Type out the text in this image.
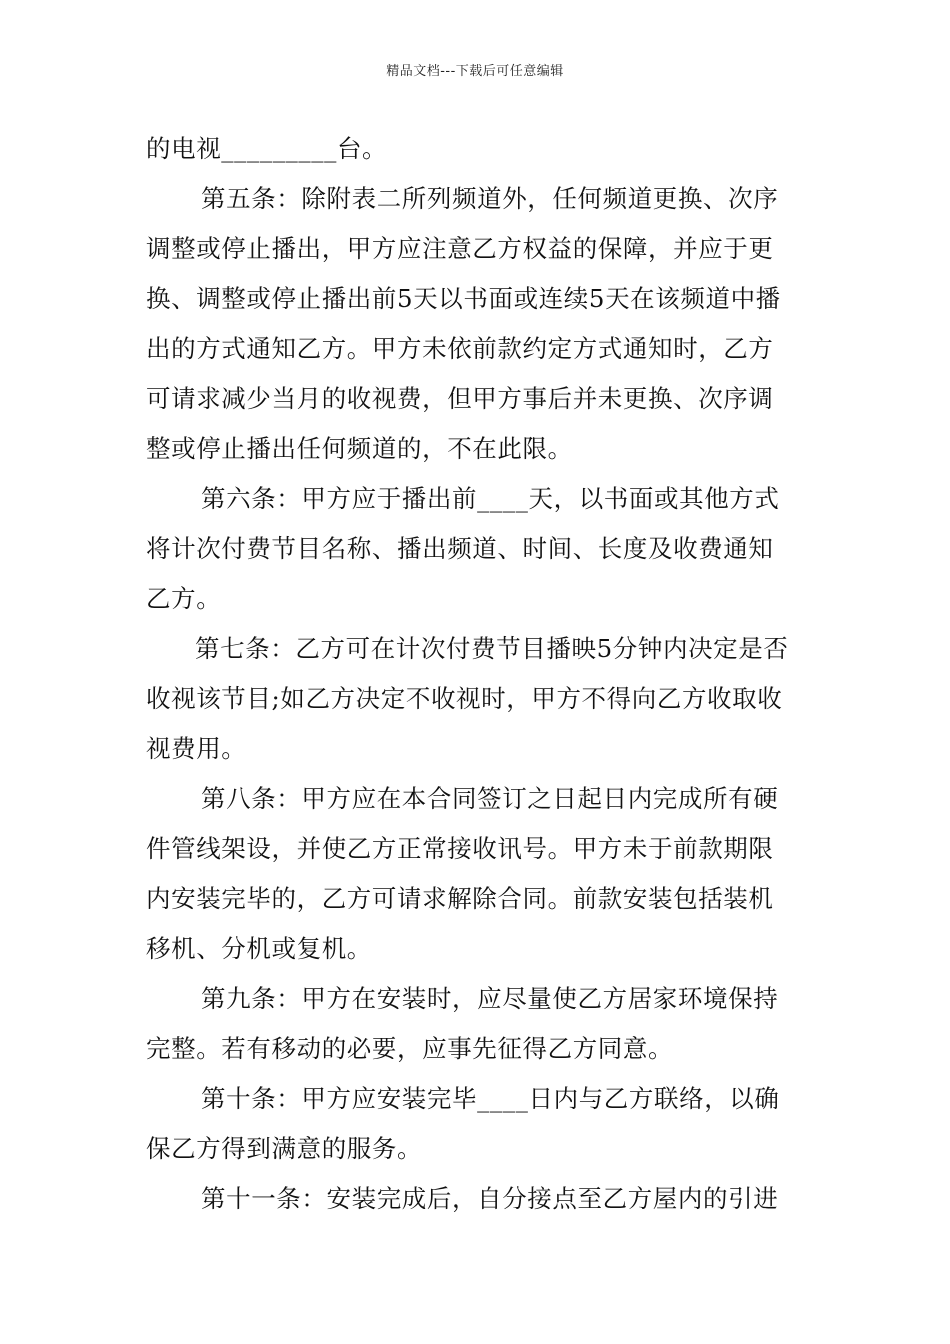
精品文档---下载后可任意编辑
的电视_________台。
第五条：除附表二所列频道外，任何频道更换、次序
调整或停止播出，甲方应注意乙方权益的保障，并应于更
换、调整或停止播出前5天以书面或连续5天在该频道中播
出的方式通知乙方。甲方未依前款约定方式通知时，乙方
可请求减少当月的收视费，但甲方事后并未更换、次序调
整或停止播出任何频道的，不在此限。
第六条：甲方应于播出前____天，以书面或其他方式
将计次付费节目名称、播出频道、时间、长度及收费通知
乙方。
第七条：乙方可在计次付费节目播映5分钟内决定是否
收视该节目;如乙方决定不收视时，甲方不得向乙方收取收
视费用。
第八条：甲方应在本合同签订之日起日内完成所有硬
件管线架设，并使乙方正常接收讯号。甲方未于前款期限
内安装完毕的，乙方可请求解除合同。前款安装包括装机
移机、分机或复机。
第九条：甲方在安装时，应尽量使乙方居家环境保持
完整。若有移动的必要，应事先征得乙方同意。
第十条：甲方应安装完毕____日内与乙方联络，以确
保乙方得到满意的服务。
第十一条：安装完成后，自分接点至乙方屋内的引进
